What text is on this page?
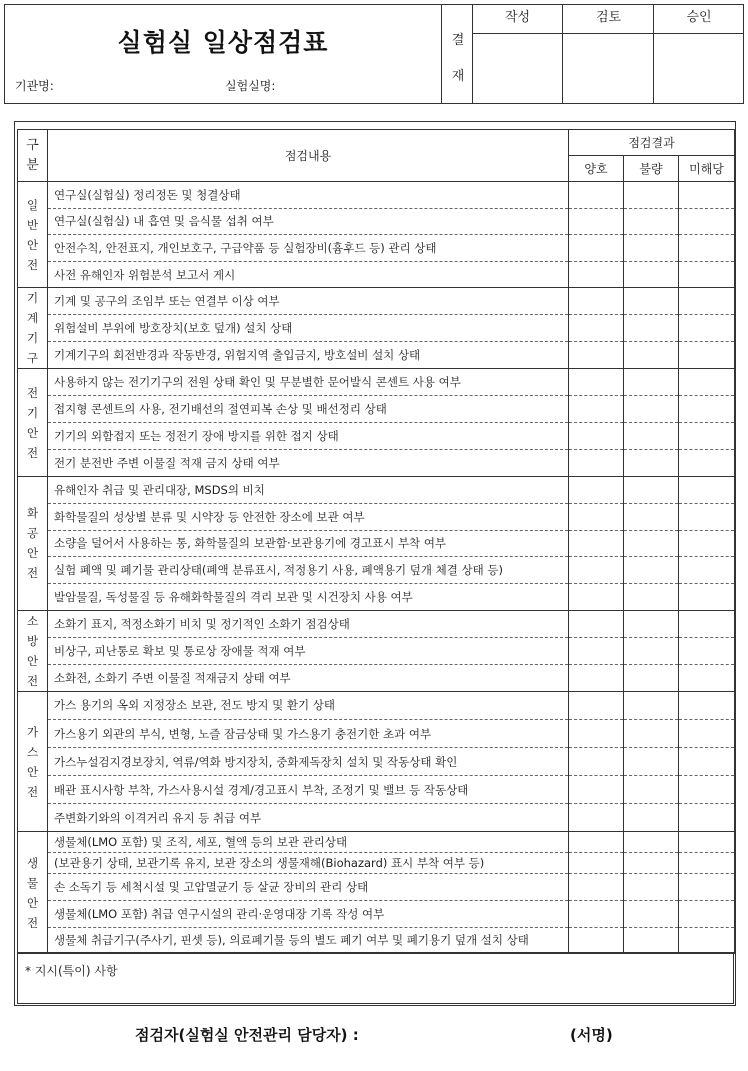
실험실 일상점검표
기관명:	실험실명:
결
재
작성	검토	승인
구
분	점검내용	점검결과		
		양호	불량	미해당

일
반
안
전	연구실(실험실) 정리정돈 및 청결상태			
	연구실(실험실) 내 흡연 및 음식물 섭취 여부			
	안전수칙, 안전표지, 개인보호구, 구급약품 등 실험장비(흄후드 등) 관리 상태			
	사전 유해인자 위험분석 보고서 게시			

기
계
기
구	기계 및 공구의 조임부 또는 연결부 이상 여부			
	위험설비 부위에 방호장치(보호 덮개) 설치 상태			
	기계기구의 회전반경과 작동반경, 위험지역 출입금지, 방호설비 설치 상태			

전
기
안
전	사용하지 않는 전기기구의 전원 상태 확인 및 무분별한 문어발식 콘센트 사용 여부			
	접지형 콘센트의 사용, 전기배선의 절연피복 손상 및 배선정리 상태			
	기기의 외함접지 또는 정전기 장애 방지를 위한 접지 상태			
	전기 분전반 주변 이물질 적재 금지 상태 여부			

화
공
안
전	유해인자 취급 및 관리대장, MSDS의 비치			
	화학물질의 성상별 분류 및 시약장 등 안전한 장소에 보관 여부			
	소량을 덜어서 사용하는 통, 화학물질의 보관함·보관용기에 경고표시 부착 여부			
	실험 폐액 및 폐기물 관리상태(폐액 분류표시, 적정용기 사용, 폐액용기 덮개 체결 상태 등)			
	발암물질, 독성물질 등 유해화학물질의 격리 보관 및 시건장치 사용 여부			

소
방
안
전	소화기 표지, 적정소화기 비치 및 정기적인 소화기 점검상태			
	비상구, 피난통로 확보 및 통로상 장애물 적재 여부			
	소화전, 소화기 주변 이물질 적재금지 상태 여부			

가
스
안
전	가스 용기의 옥외 지정장소 보관, 전도 방지 및 환기 상태			
	가스용기 외관의 부식, 변형, 노즐 잠금상태 및 가스용기 충전기한 초과 여부			
	가스누설검지경보장치, 역류/역화 방지장치, 중화제독장치 설치 및 작동상태 확인			
	배관 표시사항 부착, 가스사용시설 경계/경고표시 부착, 조정기 및 밸브 등 작동상태			
	주변화기와의 이격거리 유지 등 취급 여부			

생
물
안
전	생물체(LMO 포함) 및 조직, 세포, 혈액 등의 보관 관리상태			
	(보관용기 상태, 보관기록 유지, 보관 장소의 생물재해(Biohazard) 표시 부착 여부 등)			
	손 소독기 등 세척시설 및 고압멸균기 등 살균 장비의 관리 상태			
	생물체(LMO 포함) 취급 연구시설의 관리·운영대장 기록 작성 여부			
	생물체 취급기구(주사기, 핀셋 등), 의료폐기물 등의 별도 폐기 여부 및 폐기용기 덮개 설치 상태			
* 지시(특이) 사항
점검자(실험실 안전관리 담당자) :	(서명)
